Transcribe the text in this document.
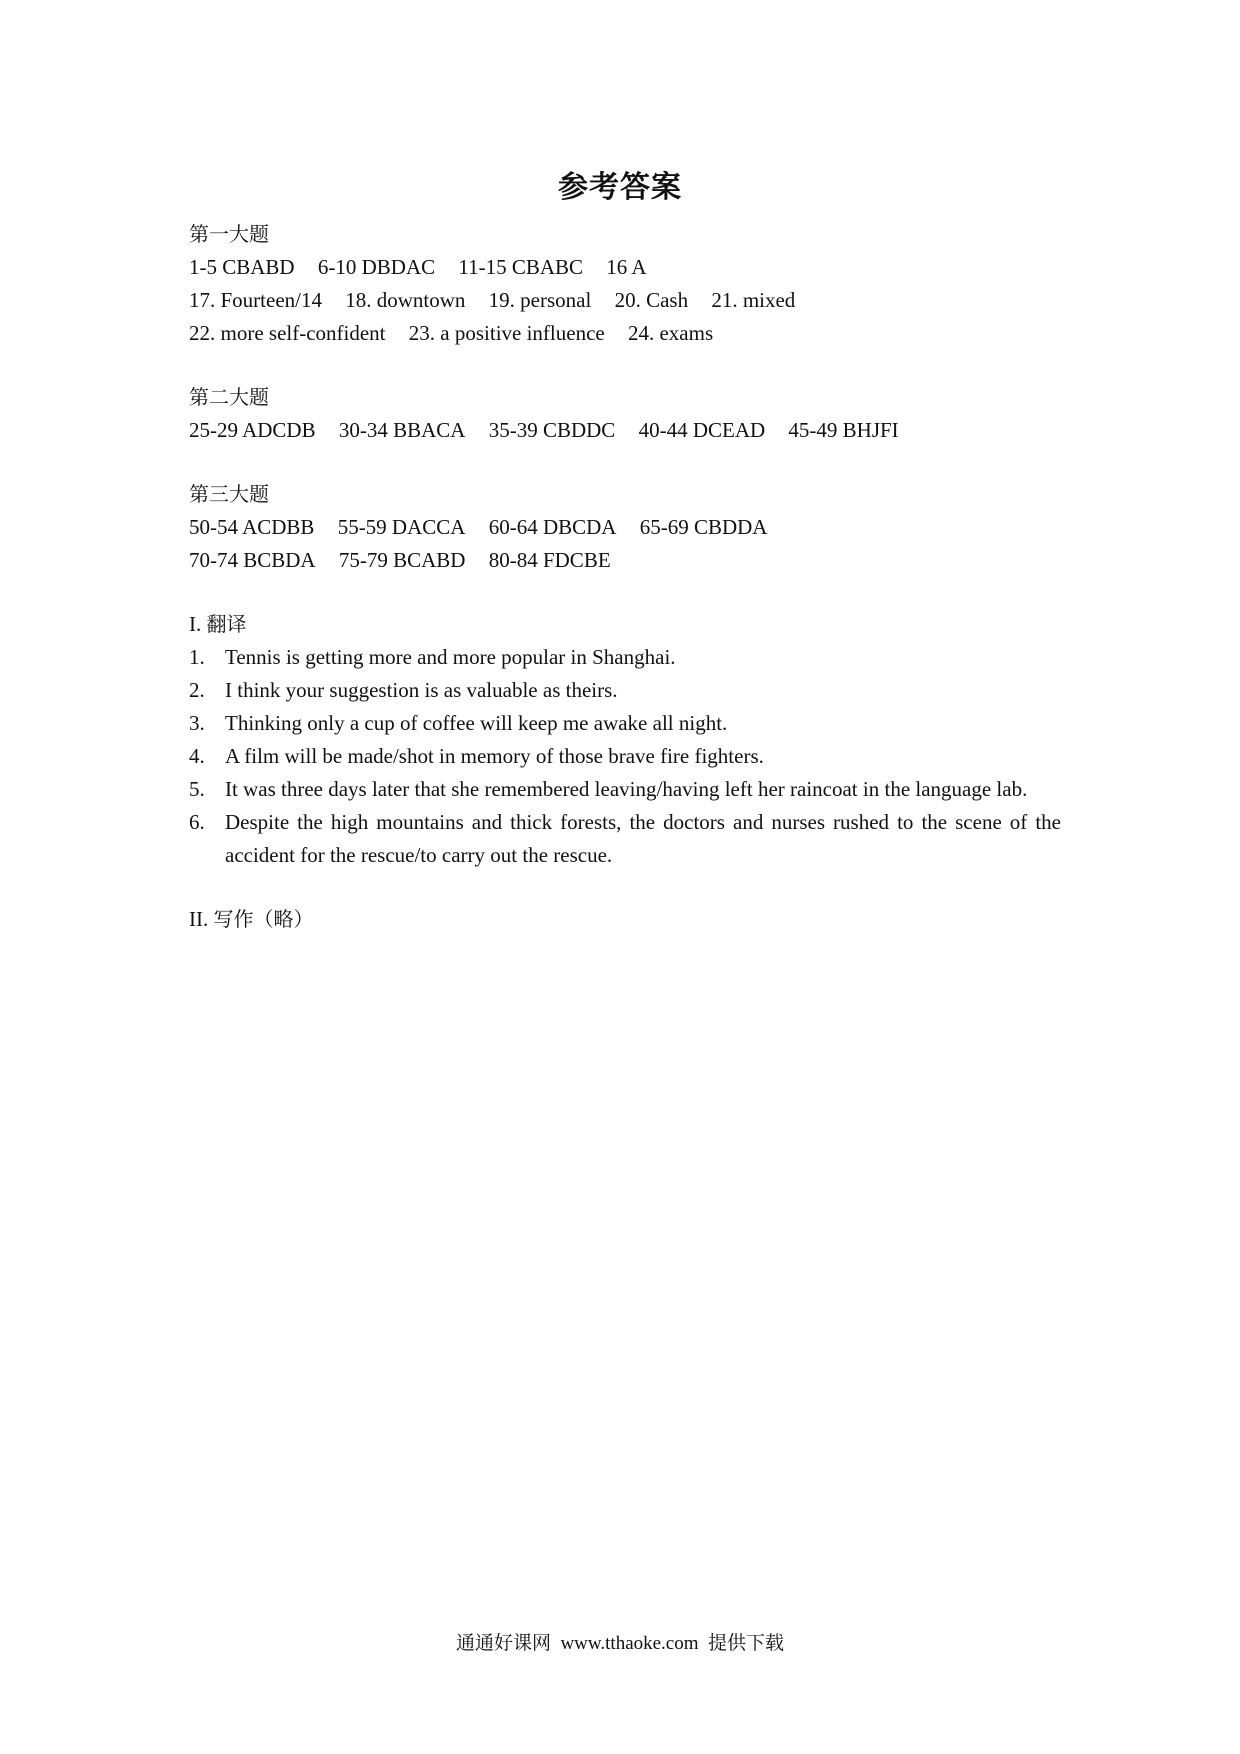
参考答案
第一大题
1-5 CBABD 6-10 DBDAC 11-15 CBABC 16 A
17. Fourteen/14 18. downtown 19. personal 20. Cash 21. mixed
22. more self-confident 23. a positive influence 24. exams
第二大题
25-29 ADCDB 30-34 BBACA 35-39 CBDDC 40-44 DCEAD 45-49 BHJFI
第三大题
50-54 ACDBB 55-59 DACCA 60-64 DBCDA 65-69 CBDDA
70-74 BCBDA 75-79 BCABD 80-84 FDCBE
I. 翻译
1. Tennis is getting more and more popular in Shanghai.
2. I think your suggestion is as valuable as theirs.
3. Thinking only a cup of coffee will keep me awake all night.
4. A film will be made/shot in memory of those brave fire fighters.
5. It was three days later that she remembered leaving/having left her raincoat in the language lab.
6. Despite the high mountains and thick forests, the doctors and nurses rushed to the scene of the accident for the rescue/to carry out the rescue.
II. 写作（略）
通通好课网 www.tthaoke.com 提供下载
